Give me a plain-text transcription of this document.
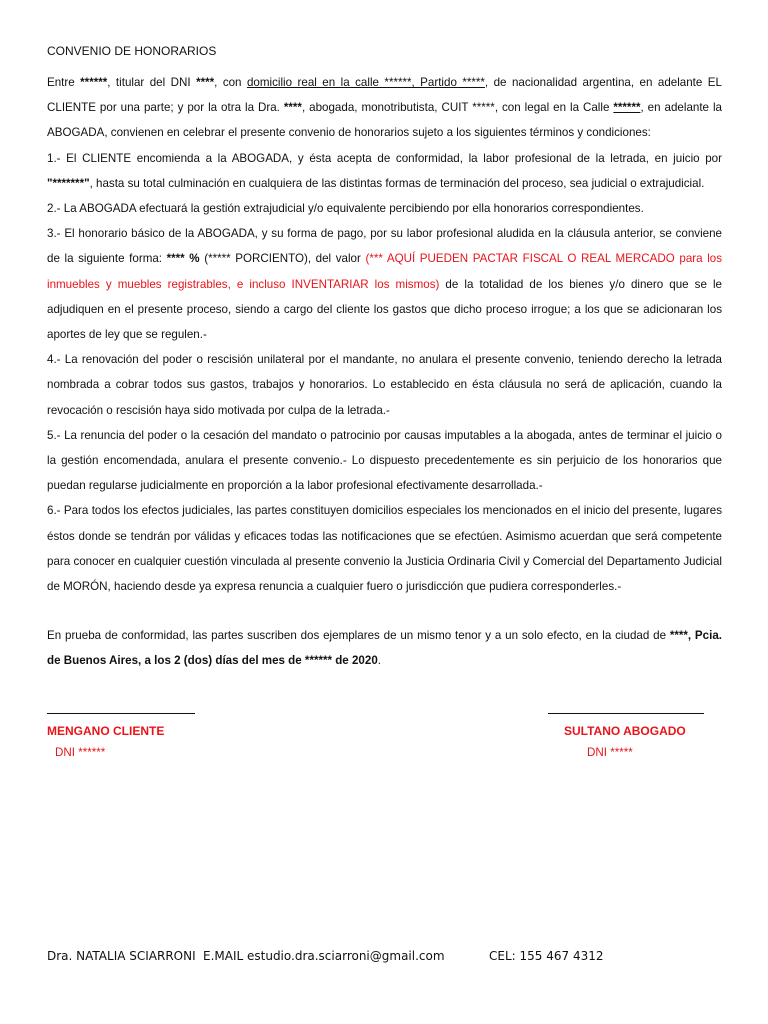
CONVENIO DE HONORARIOS

Entre ******, titular del DNI ****, con domicilio real en la calle ******, Partido *****, de nacionalidad argentina, en adelante EL CLIENTE por una parte; y por la otra la Dra. ****, abogada, monotributista, CUIT *****, con legal en la Calle ******, en adelante la ABOGADA, convienen en celebrar el presente convenio de honorarios sujeto a los siguientes términos y condiciones:

1.- El CLIENTE encomienda a la ABOGADA, y ésta acepta de conformidad, la labor profesional de la letrada, en juicio por "*******", hasta su total culminación en cualquiera de las distintas formas de terminación del proceso, sea judicial o extrajudicial.

2.- La ABOGADA efectuará la gestión extrajudicial y/o equivalente percibiendo por ella honorarios correspondientes.

3.- El honorario básico de la ABOGADA, y su forma de pago, por su labor profesional aludida en la cláusula anterior, se conviene de la siguiente forma: **** % (***** PORCIENTO), del valor (*** AQUÍ PUEDEN PACTAR FISCAL O REAL MERCADO para los inmuebles y muebles registrables, e incluso INVENTARIAR los mismos) de la totalidad de los bienes y/o dinero que se le adjudiquen en el presente proceso, siendo a cargo del cliente los gastos que dicho proceso irrogue; a los que se adicionaran los aportes de ley que se regulen.-

4.- La renovación del poder o rescisión unilateral por el mandante, no anulara el presente convenio, teniendo derecho la letrada nombrada a cobrar todos sus gastos, trabajos y honorarios. Lo establecido en ésta cláusula no será de aplicación, cuando la revocación o rescisión haya sido motivada por culpa de la letrada.-

5.- La renuncia del poder o la cesación del mandato o patrocinio por causas imputables a la abogada, antes de terminar el juicio o la gestión encomendada, anulara el presente convenio.- Lo dispuesto precedentemente es sin perjuicio de los honorarios que puedan regularse judicialmente en proporción a la labor profesional efectivamente desarrollada.-

6.- Para todos los efectos judiciales, las partes constituyen domicilios especiales los mencionados en el inicio del presente, lugares éstos donde se tendrán por válidas y eficaces todas las notificaciones que se efectúen. Asimismo acuerdan que será competente para conocer en cualquier cuestión vinculada al presente convenio la Justicia Ordinaria Civil y Comercial del Departamento Judicial de MORÓN, haciendo desde ya expresa renuncia a cualquier fuero o jurisdicción que pudiera corresponderles.-

En prueba de conformidad, las partes suscriben dos ejemplares de un mismo tenor y a un solo efecto, en la ciudad de ****, Pcia. de Buenos Aires, a los 2 (dos) días del mes de ****** de 2020.
MENGANO CLIENTE	SULTANO ABOGADO
DNI ******	DNI *****
Dra. NATALIA SCIARRONI E.MAIL estudio.dra.sciarroni@gmail.com	CEL: 155 467 4312
